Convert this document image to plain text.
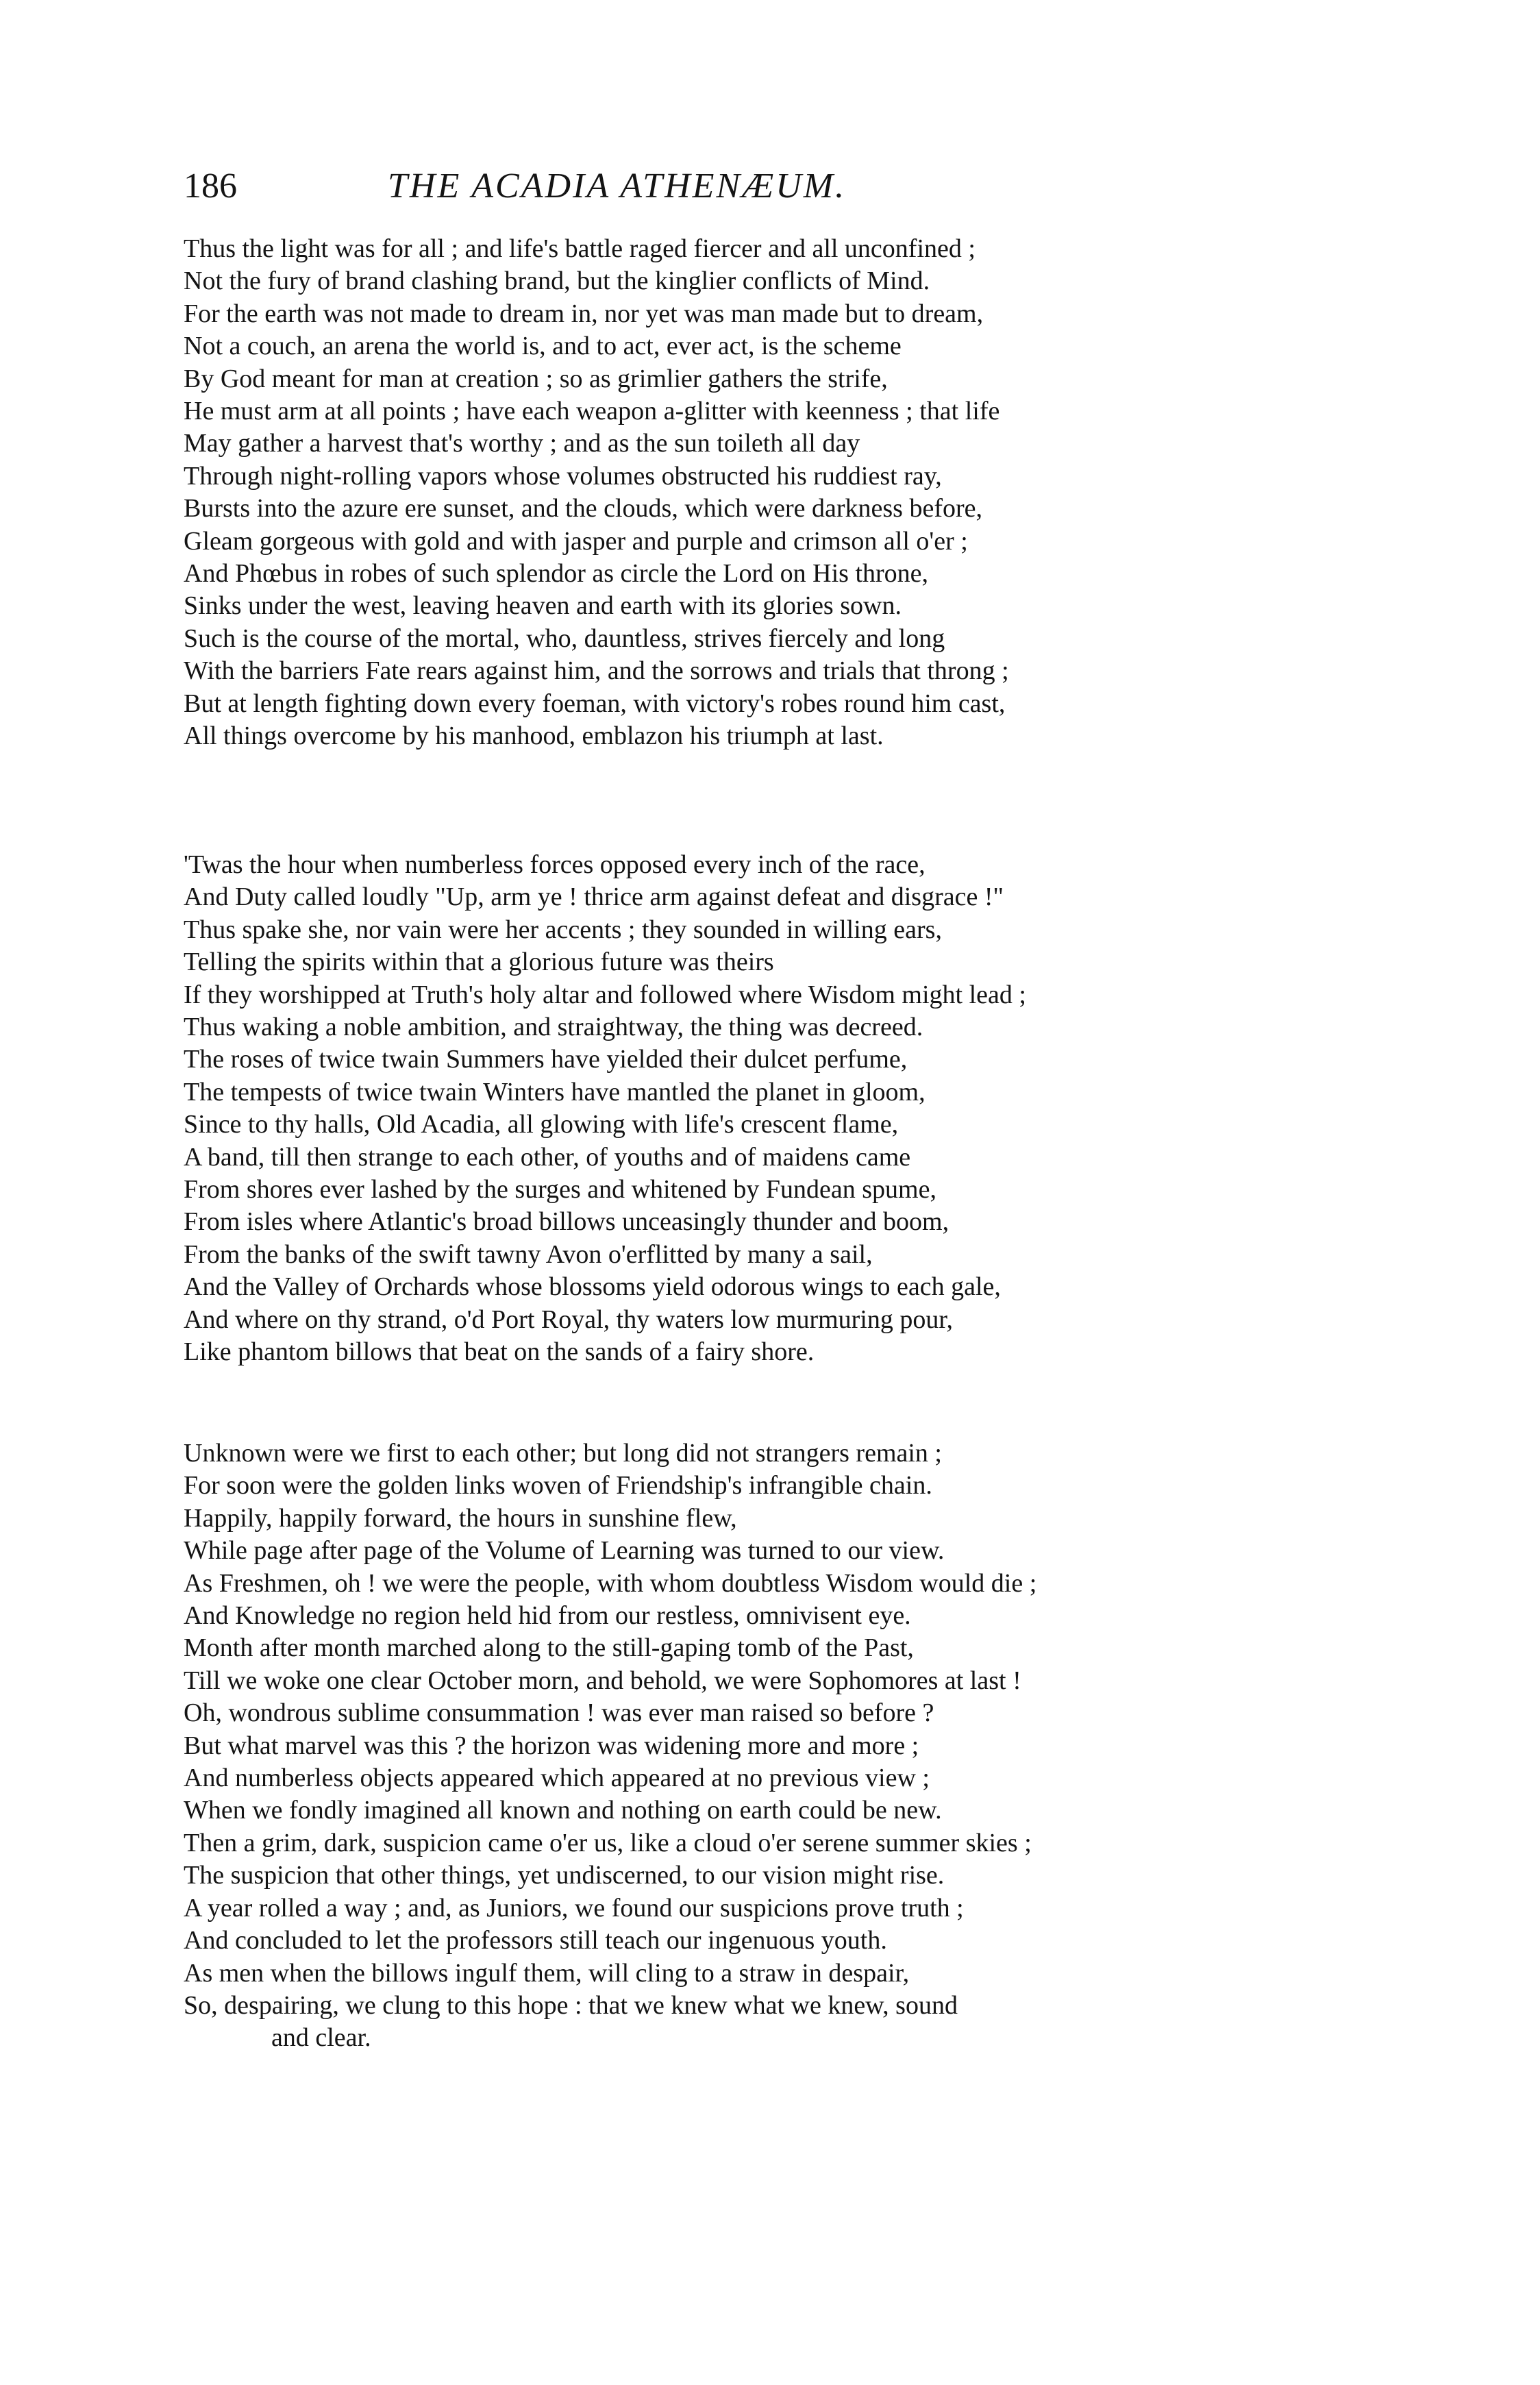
186	THE ACADIA ATHENÆUM.
Thus the light was for all ; and life's battle raged fiercer and all unconfined ;
Not the fury of brand clashing brand, but the kinglier conflicts of Mind.
For the earth was not made to dream in, nor yet was man made but to dream,
Not a couch, an arena the world is, and to act, ever act, is the scheme
By God meant for man at creation ; so as grimlier gathers the strife,
He must arm at all points ; have each weapon a-glitter with keenness ; that life
May gather a harvest that's worthy ; and as the sun toileth all day
Through night-rolling vapors whose volumes obstructed his ruddiest ray,
Bursts into the azure ere sunset, and the clouds, which were darkness before,
Gleam gorgeous with gold and with jasper and purple and crimson all o'er ;
And Phœbus in robes of such splendor as circle the Lord on His throne,
Sinks under the west, leaving heaven and earth with its glories sown.
Such is the course of the mortal, who, dauntless, strives fiercely and long
With the barriers Fate rears against him, and the sorrows and trials that throng ;
But at length fighting down every foeman, with victory's robes round him cast,
All things overcome by his manhood, emblazon his triumph at last.
'Twas the hour when numberless forces opposed every inch of the race,
And Duty called loudly "Up, arm ye ! thrice arm against defeat and disgrace !"
Thus spake she, nor vain were her accents ; they sounded in willing ears,
Telling the spirits within that a glorious future was theirs
If they worshipped at Truth's holy altar and followed where Wisdom might lead ;
Thus waking a noble ambition, and straightway, the thing was decreed.
The roses of twice twain Summers have yielded their dulcet perfume,
The tempests of twice twain Winters have mantled the planet in gloom,
Since to thy halls, Old Acadia, all glowing with life's crescent flame,
A band, till then strange to each other, of youths and of maidens came
From shores ever lashed by the surges and whitened by Fundean spume,
From isles where Atlantic's broad billows unceasingly thunder and boom,
From the banks of the swift tawny Avon o'erflitted by many a sail,
And the Valley of Orchards whose blossoms yield odorous wings to each gale,
And where on thy strand, o'd Port Royal, thy waters low murmuring pour,
Like phantom billows that beat on the sands of a fairy shore.
Unknown were we first to each other; but long did not strangers remain ;
For soon were the golden links woven of Friendship's infrangible chain.
Happily, happily forward, the hours in sunshine flew,
While page after page of the Volume of Learning was turned to our view.
As Freshmen, oh ! we were the people, with whom doubtless Wisdom would die ;
And Knowledge no region held hid from our restless, omnivisent eye.
Month after month marched along to the still-gaping tomb of the Past,
Till we woke one clear October morn, and behold, we were Sophomores at last !
Oh, wondrous sublime consummation ! was ever man raised so before ?
But what marvel was this ? the horizon was widening more and more ;
And numberless objects appeared which appeared at no previous view ;
When we fondly imagined all known and nothing on earth could be new.
Then a grim, dark, suspicion came o'er us, like a cloud o'er serene summer skies ;
The suspicion that other things, yet undiscerned, to our vision might rise.
A year rolled a way ; and, as Juniors, we found our suspicions prove truth ;
And concluded to let the professors still teach our ingenuous youth.
As men when the billows ingulf them, will cling to a straw in despair,
So, despairing, we clung to this hope : that we knew what we knew, sound
and clear.
